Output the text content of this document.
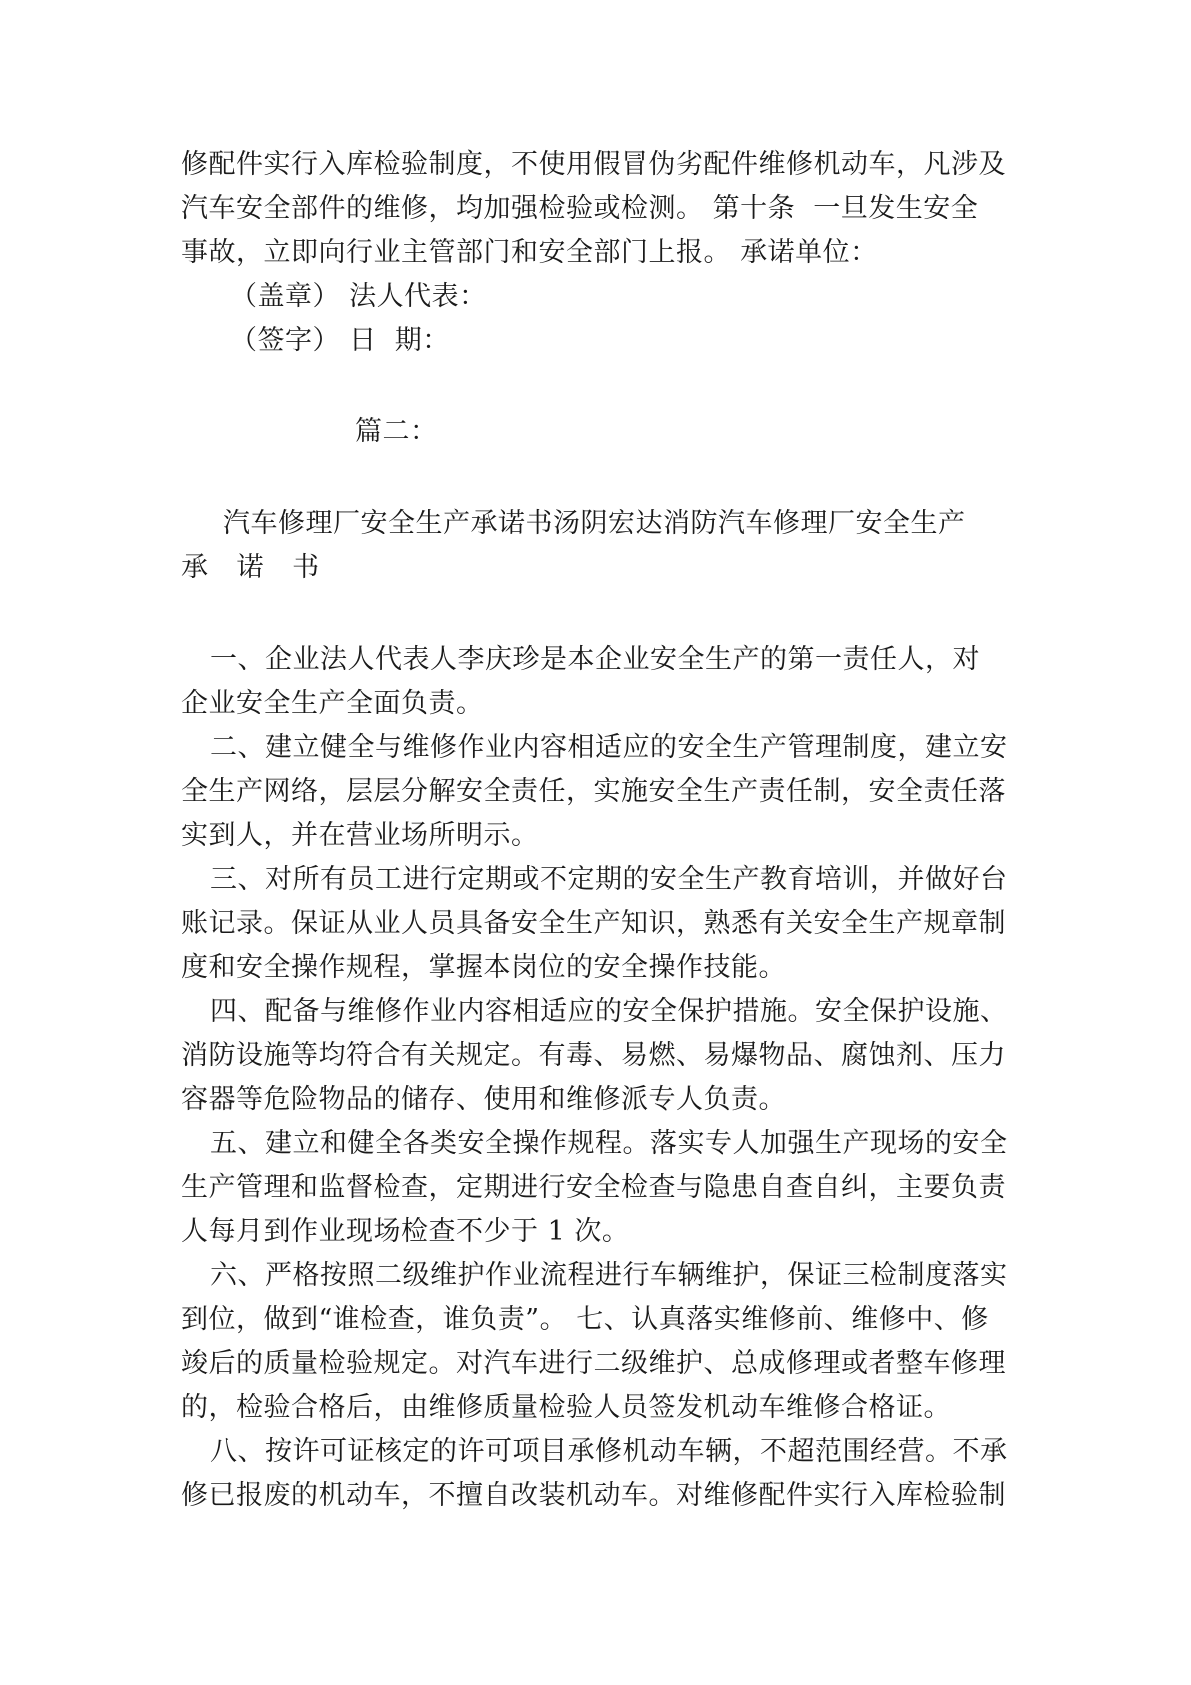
修配件实行入库检验制度，不使用假冒伪劣配件维修机动车，凡涉及
汽车安全部件的维修，均加强检验或检测。 第十条  一旦发生安全
事故，立即向行业主管部门和安全部门上报。 承诺单位：
（盖章） 法人代表：
（签字） 日  期：
篇二：
汽车修理厂安全生产承诺书汤阴宏达消防汽车修理厂安全生产
承 诺 书
一、企业法人代表人李庆珍是本企业安全生产的第一责任人，对
企业安全生产全面负责。
二、建立健全与维修作业内容相适应的安全生产管理制度，建立安
全生产网络，层层分解安全责任，实施安全生产责任制，安全责任落
实到人，并在营业场所明示。
三、对所有员工进行定期或不定期的安全生产教育培训，并做好台
账记录。保证从业人员具备安全生产知识，熟悉有关安全生产规章制
度和安全操作规程，掌握本岗位的安全操作技能。
四、配备与维修作业内容相适应的安全保护措施。安全保护设施、
消防设施等均符合有关规定。有毒、易燃、易爆物品、腐蚀剂、压力
容器等危险物品的储存、使用和维修派专人负责。
五、建立和健全各类安全操作规程。落实专人加强生产现场的安全
生产管理和监督检查，定期进行安全检查与隐患自查自纠，主要负责
人每月到作业现场检查不少于 1 次。
六、严格按照二级维护作业流程进行车辆维护，保证三检制度落实
到位，做到“谁检查，谁负责”。 七、认真落实维修前、维修中、修
竣后的质量检验规定。对汽车进行二级维护、总成修理或者整车修理
的，检验合格后，由维修质量检验人员签发机动车维修合格证。
八、按许可证核定的许可项目承修机动车辆，不超范围经营。不承
修已报废的机动车，不擅自改装机动车。对维修配件实行入库检验制
